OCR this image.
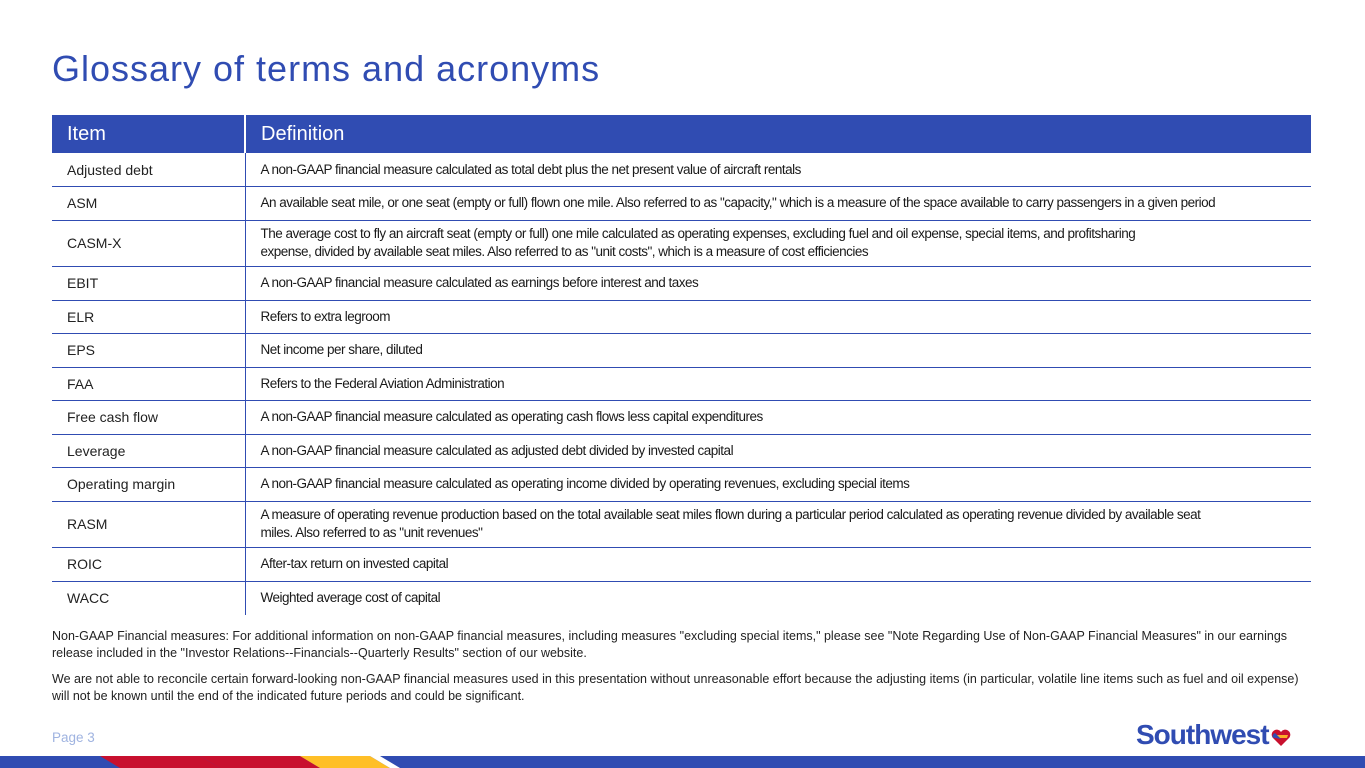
Glossary of terms and acronyms
Item	Definition
Adjusted debt	A non-GAAP financial measure calculated as total debt plus the net present value of aircraft rentals
ASM	An available seat mile, or one seat (empty or full) flown one mile. Also referred to as "capacity," which is a measure of the space available to carry passengers in a given period
CASM-X	The average cost to fly an aircraft seat (empty or full) one mile calculated as operating expenses, excluding fuel and oil expense, special items, and profitsharing
expense, divided by available seat miles. Also referred to as "unit costs", which is a measure of cost efficiencies
EBIT	A non-GAAP financial measure calculated as earnings before interest and taxes
ELR	Refers to extra legroom
EPS	Net income per share, diluted
FAA	Refers to the Federal Aviation Administration
Free cash flow	A non-GAAP financial measure calculated as operating cash flows less capital expenditures
Leverage	A non-GAAP financial measure calculated as adjusted debt divided by invested capital
Operating margin	A non-GAAP financial measure calculated as operating income divided by operating revenues, excluding special items
RASM	A measure of operating revenue production based on the total available seat miles flown during a particular period calculated as operating revenue divided by available seat
miles. Also referred to as "unit revenues"
ROIC	After-tax return on invested capital
WACC	Weighted average cost of capital

Non-GAAP Financial measures: For additional information on non-GAAP financial measures, including measures "excluding special items," please see "Note Regarding Use of Non-GAAP Financial Measures" in our earnings release included in the "Investor Relations--Financials--Quarterly Results" section of our website.

We are not able to reconcile certain forward-looking non-GAAP financial measures used in this presentation without unreasonable effort because the adjusting items (in particular, volatile line items such as fuel and oil expense) will not be known until the end of the indicated future periods and could be significant.

Page 3	Southwest
